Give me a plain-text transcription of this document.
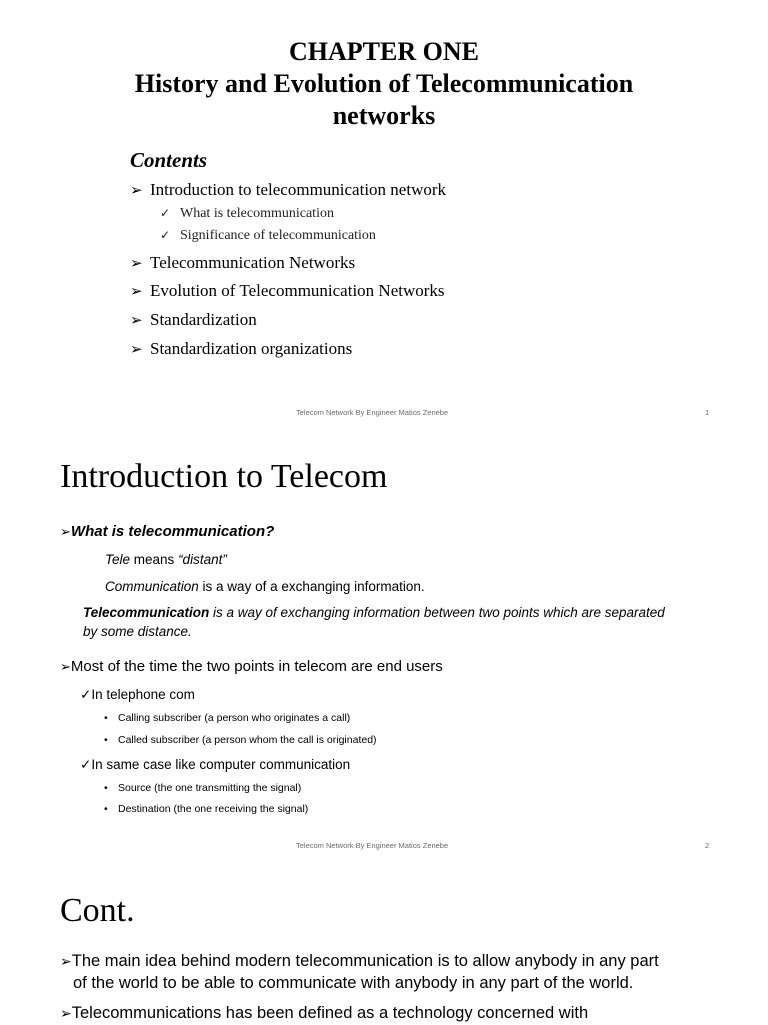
CHAPTER ONE
History and Evolution of Telecommunication
networks
Contents
➢ Introduction to telecommunication network
✓ What is telecommunication
✓ Significance of telecommunication
➢ Telecommunication Networks
➢ Evolution of Telecommunication Networks
➢ Standardization
➢ Standardization organizations
Telecom Network By Engineer Matios Zenebe	1
Introduction to Telecom
➢What is telecommunication?
Tele means “distant”
Communication is a way of a exchanging information.
Telecommunication is a way of exchanging information between two points which are separated
by some distance.
➢Most of the time the two points in telecom are end users
✓In telephone com
• Calling subscriber (a person who originates a call)
• Called subscriber (a person whom the call is originated)
✓In same case like computer communication
• Source (the one transmitting the signal)
• Destination (the one receiving the signal)
Telecom Network By Engineer Matios Zenebe	2
Cont.
➢The main idea behind modern telecommunication is to allow anybody in any part
of the world to be able to communicate with anybody in any part of the world.
➢Telecommunications has been defined as a technology concerned with
